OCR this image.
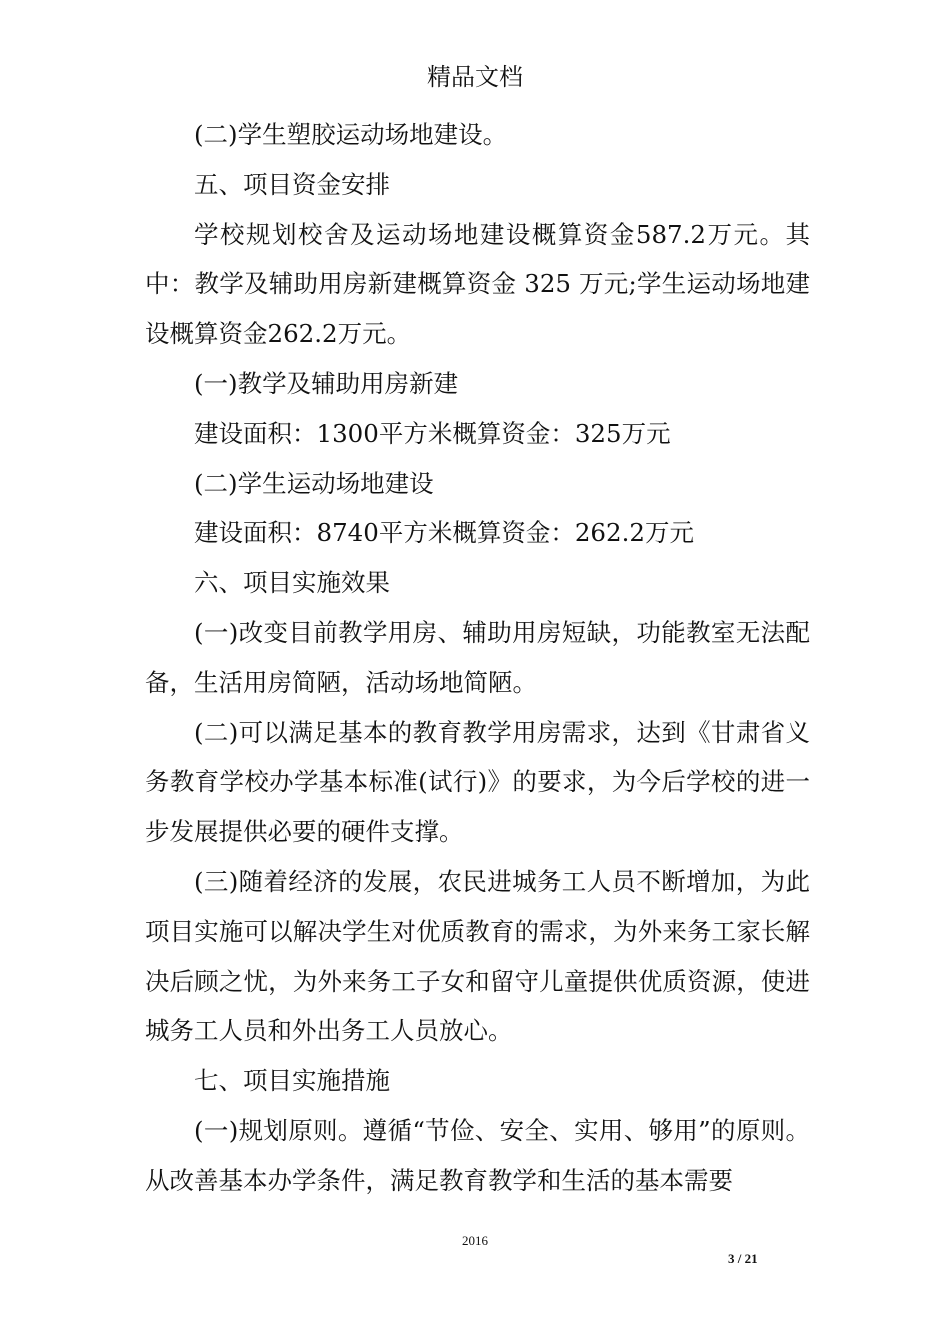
精品文档

(二)学生塑胶运动场地建设。

五、项目资金安排

学校规划校舍及运动场地建设概算资金587.2万元。其中：教学及辅助用房新建概算资金 325 万元;学生运动场地建设概算资金262.2万元。

(一)教学及辅助用房新建

建设面积：1300平方米概算资金：325万元

(二)学生运动场地建设

建设面积：8740平方米概算资金：262.2万元

六、项目实施效果

(一)改变目前教学用房、辅助用房短缺，功能教室无法配备，生活用房简陋，活动场地简陋。

(二)可以满足基本的教育教学用房需求，达到《甘肃省义务教育学校办学基本标准(试行)》的要求，为今后学校的进一步发展提供必要的硬件支撑。

(三)随着经济的发展，农民进城务工人员不断增加，为此项目实施可以解决学生对优质教育的需求，为外来务工家长解决后顾之忧，为外来务工子女和留守儿童提供优质资源，使进城务工人员和外出务工人员放心。

七、项目实施措施

(一)规划原则。遵循“节俭、安全、实用、够用”的原则。从改善基本办学条件，满足教育教学和生活的基本需要

2016
3 / 21
